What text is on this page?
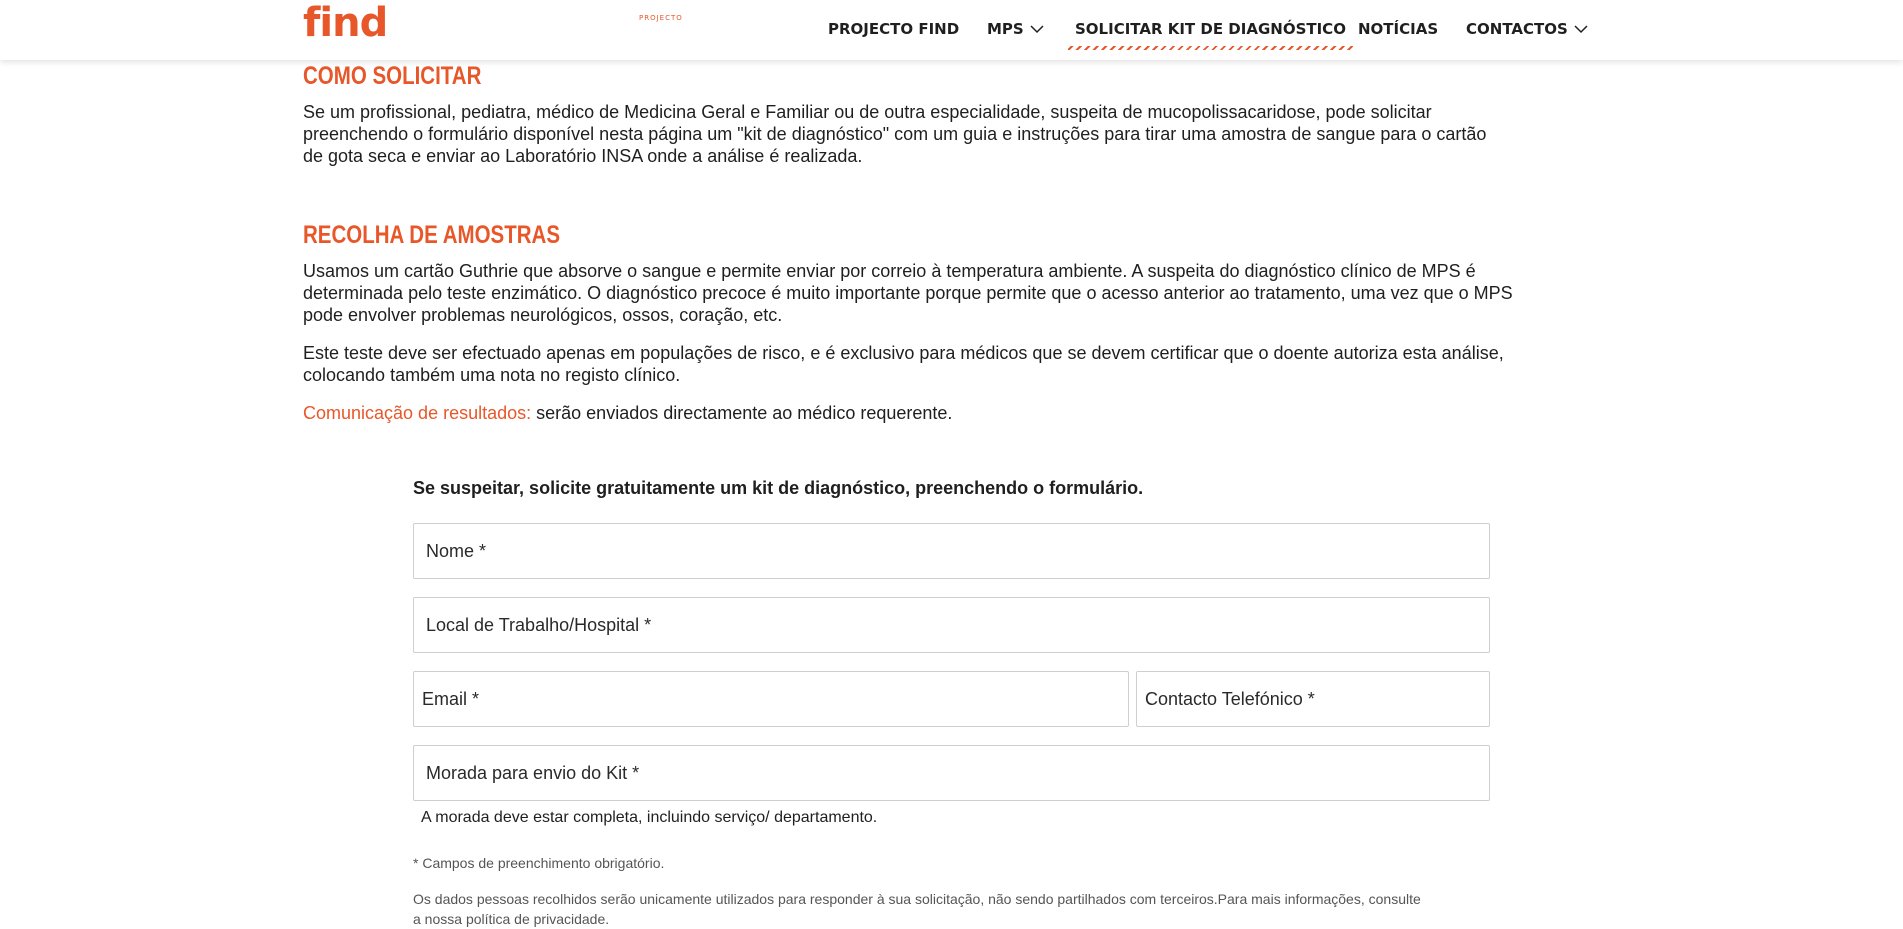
PROJECTO
find	PROJECTO FIND MPS	SOLICITAR KIT DE DIAGNÓSTICO NOTÍCIAS CONTACTOS
COMO SOLICITAR

Se um profissional, pediatra, médico de Medicina Geral e Familiar ou de outra especialidade, suspeita de mucopolissacaridose, pode solicitar
preenchendo o formulário disponível nesta página um "kit de diagnóstico" com um guia e instruções para tirar uma amostra de sangue para o cartão
de gota seca e enviar ao Laboratório INSA onde a análise é realizada.

RECOLHA DE AMOSTRAS

Usamos um cartão Guthrie que absorve o sangue e permite enviar por correio à temperatura ambiente. A suspeita do diagnóstico clínico de MPS é
determinada pelo teste enzimático. O diagnóstico precoce é muito importante porque permite que o acesso anterior ao tratamento, uma vez que o MPS
pode envolver problemas neurológicos, ossos, coração, etc.

Este teste deve ser efectuado apenas em populações de risco, e é exclusivo para médicos que se devem certificar que o doente autoriza esta análise,
colocando também uma nota no registo clínico.

Comunicação de resultados: serão enviados directamente ao médico requerente.

Se suspeitar, solicite gratuitamente um kit de diagnóstico, preenchendo o formulário.
Nome *
Local de Trabalho/Hospital *
Email *
Contacto Telefónico *
Morada para envio do Kit *
A morada deve estar completa, incluindo serviço/ departamento.
* Campos de preenchimento obrigatório.
Os dados pessoas recolhidos serão unicamente utilizados para responder à sua solicitação, não sendo partilhados com terceiros.Para mais informações, consulte
a nossa política de privacidade.
